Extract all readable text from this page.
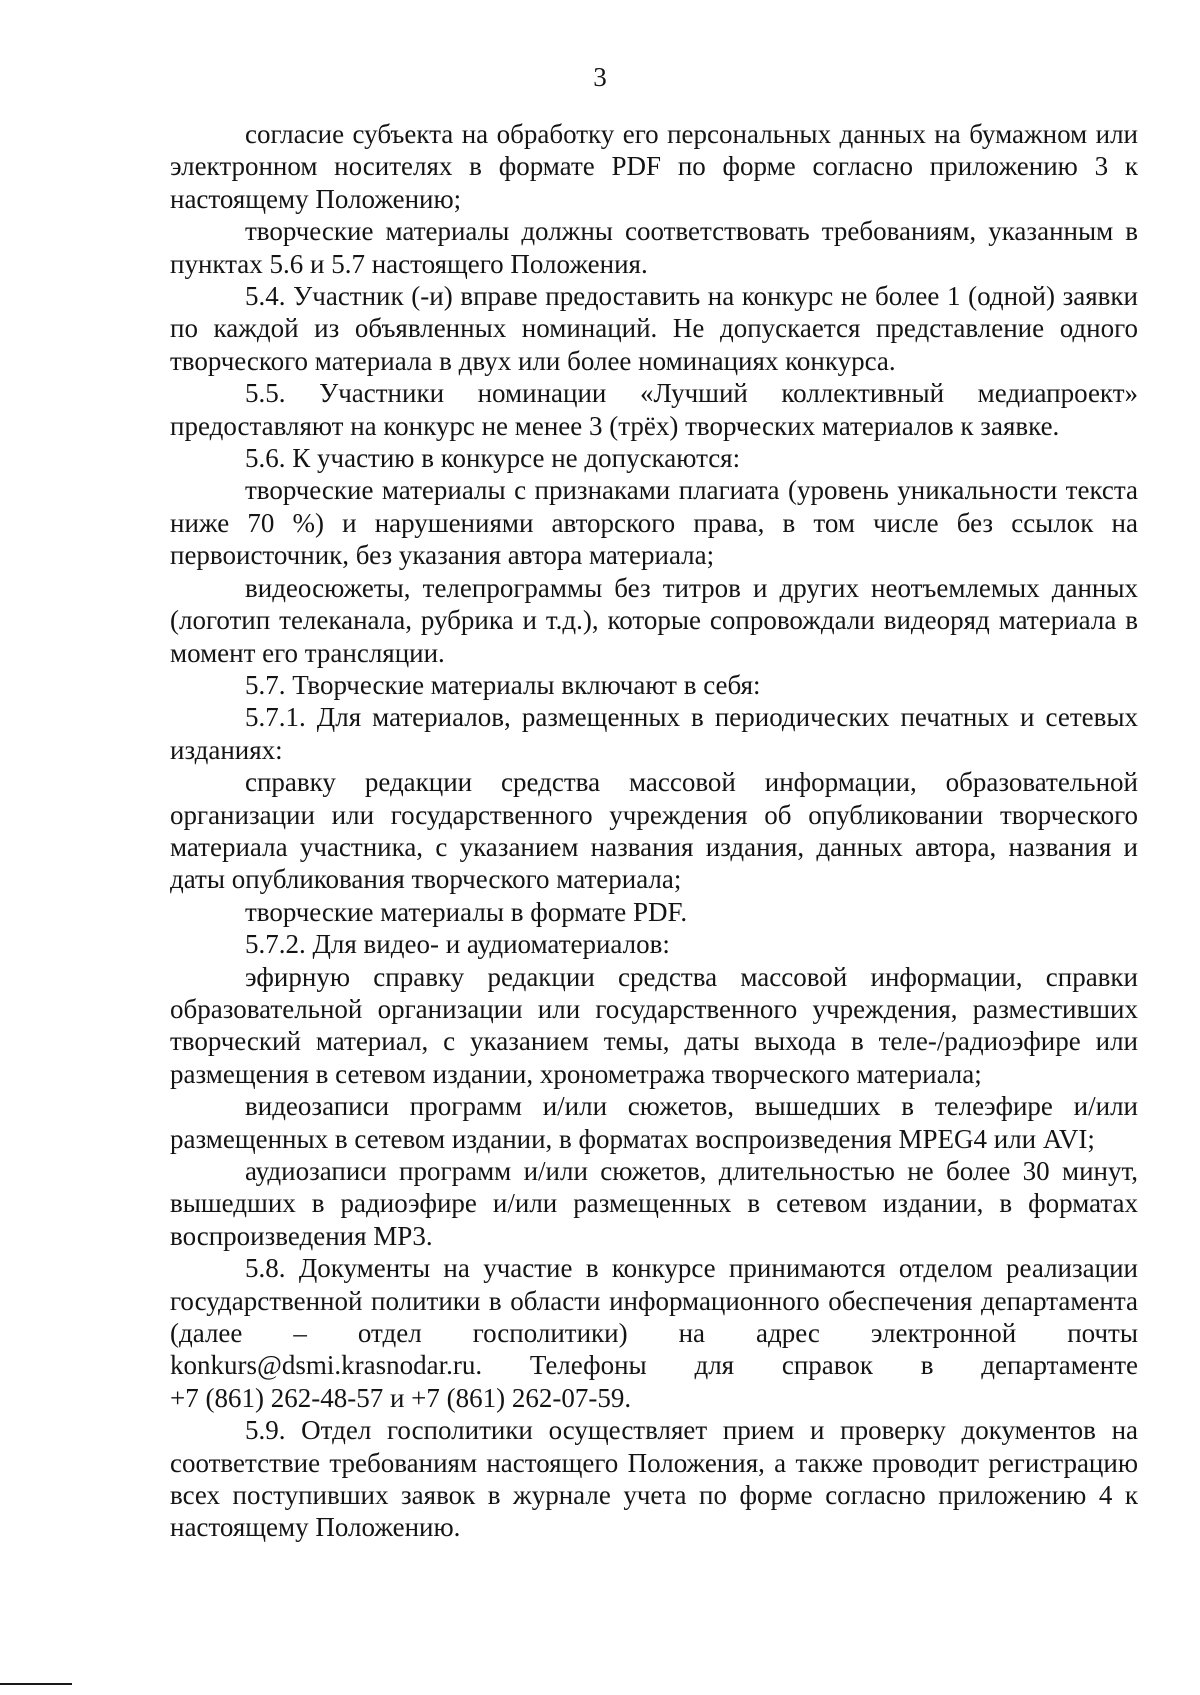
3

согласие субъекта на обработку его персональных данных на бумажном или электронном носителях в формате PDF по форме согласно приложению 3 к настоящему Положению;

творческие материалы должны соответствовать требованиям, указанным в пунктах 5.6 и 5.7 настоящего Положения.

5.4. Участник (-и) вправе предоставить на конкурс не более 1 (одной) заявки по каждой из объявленных номинаций. Не допускается представление одного творческого материала в двух или более номинациях конкурса.

5.5. Участники номинации «Лучший коллективный медиапроект» предоставляют на конкурс не менее 3 (трёх) творческих материалов к заявке.

5.6. К участию в конкурсе не допускаются:

творческие материалы с признаками плагиата (уровень уникальности текста ниже 70 %) и нарушениями авторского права, в том числе без ссылок на первоисточник, без указания автора материала;

видеосюжеты, телепрограммы без титров и других неотъемлемых данных (логотип телеканала, рубрика и т.д.), которые сопровождали видеоряд материала в момент его трансляции.

5.7. Творческие материалы включают в себя:

5.7.1. Для материалов, размещенных в периодических печатных и сетевых изданиях:

справку редакции средства массовой информации, образовательной организации или государственного учреждения об опубликовании творческого материала участника, с указанием названия издания, данных автора, названия и даты опубликования творческого материала;

творческие материалы в формате PDF.

5.7.2. Для видео- и аудиоматериалов:

эфирную справку редакции средства массовой информации, справки образовательной организации или государственного учреждения, разместивших творческий материал, с указанием темы, даты выхода в теле-/радиоэфире или размещения в сетевом издании, хронометража творческого материала;

видеозаписи программ и/или сюжетов, вышедших в телеэфире и/или размещенных в сетевом издании, в форматах воспроизведения MPEG4 или AVI;

аудиозаписи программ и/или сюжетов, длительностью не более 30 минут, вышедших в радиоэфире и/или размещенных в сетевом издании, в форматах воспроизведения MP3.

5.8. Документы на участие в конкурсе принимаются отделом реализации государственной политики в области информационного обеспечения департамента (далее – отдел госполитики) на адрес электронной почты konkurs@dsmi.krasnodar.ru. Телефоны для справок в департаменте

+7 (861) 262-48-57 и +7 (861) 262-07-59.

5.9. Отдел госполитики осуществляет прием и проверку документов на соответствие требованиям настоящего Положения, а также проводит регистрацию всех поступивших заявок в журнале учета по форме согласно приложению 4 к настоящему Положению.
